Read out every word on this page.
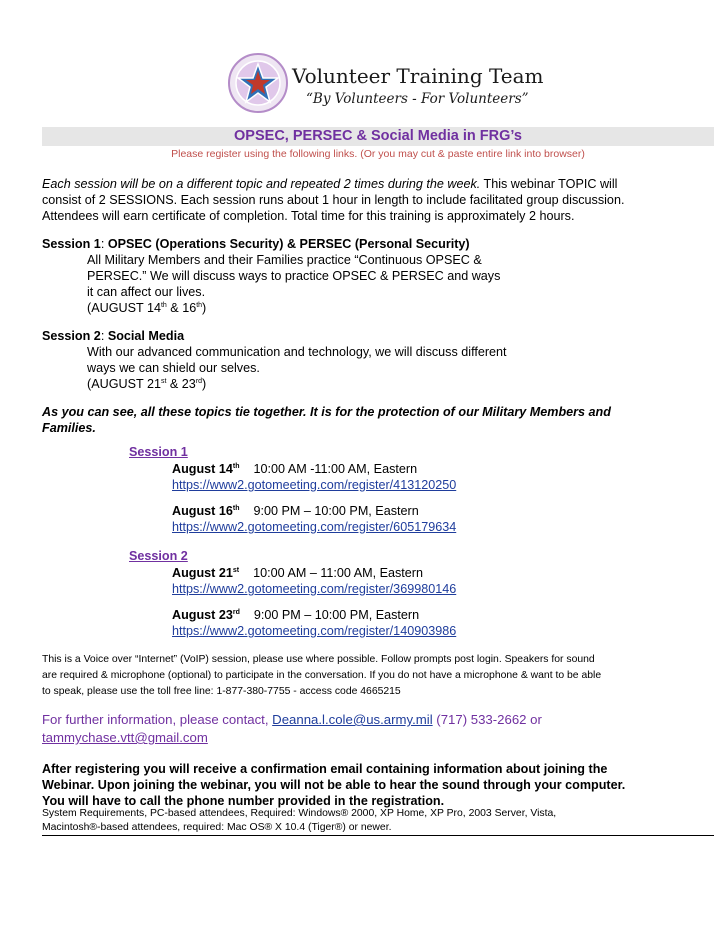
Volunteer Training Team
“By Volunteers - For Volunteers”
OPSEC, PERSEC & Social Media in FRG’s
Please register using the following links. (Or you may cut & paste entire link into browser)
Each session will be on a different topic and repeated 2 times during the week. This webinar TOPIC will
consist of 2 SESSIONS. Each session runs about 1 hour in length to include facilitated group discussion.
Attendees will earn certificate of completion. Total time for this training is approximately 2 hours.
Session 1: OPSEC (Operations Security) & PERSEC (Personal Security)
All Military Members and their Families practice “Continuous OPSEC &
PERSEC.” We will discuss ways to practice OPSEC & PERSEC and ways
it can affect our lives.
(AUGUST 14th & 16th)
Session 2: Social Media
With our advanced communication and technology, we will discuss different
ways we can shield our selves.
(AUGUST 21st & 23rd)
As you can see, all these topics tie together. It is for the protection of our Military Members and
Families.
Session 1
August 14th 10:00 AM -11:00 AM, Eastern
https://www2.gotomeeting.com/register/413120250
August 16th 9:00 PM – 10:00 PM, Eastern
https://www2.gotomeeting.com/register/605179634
Session 2
August 21st 10:00 AM – 11:00 AM, Eastern
https://www2.gotomeeting.com/register/369980146
August 23rd 9:00 PM – 10:00 PM, Eastern
https://www2.gotomeeting.com/register/140903986
This is a Voice over “Internet” (VoIP) session, please use where possible. Follow prompts post login. Speakers for sound
are required & microphone (optional) to participate in the conversation. If you do not have a microphone & want to be able
to speak, please use the toll free line: 1-877-380-7755 - access code 4665215
For further information, please contact, Deanna.l.cole@us.army.mil (717) 533-2662 or
tammychase.vtt@gmail.com
After registering you will receive a confirmation email containing information about joining the
Webinar. Upon joining the webinar, you will not be able to hear the sound through your computer.
You will have to call the phone number provided in the registration.
System Requirements, PC-based attendees, Required: Windows® 2000, XP Home, XP Pro, 2003 Server, Vista,
Macintosh®-based attendees, required: Mac OS® X 10.4 (Tiger®) or newer.
